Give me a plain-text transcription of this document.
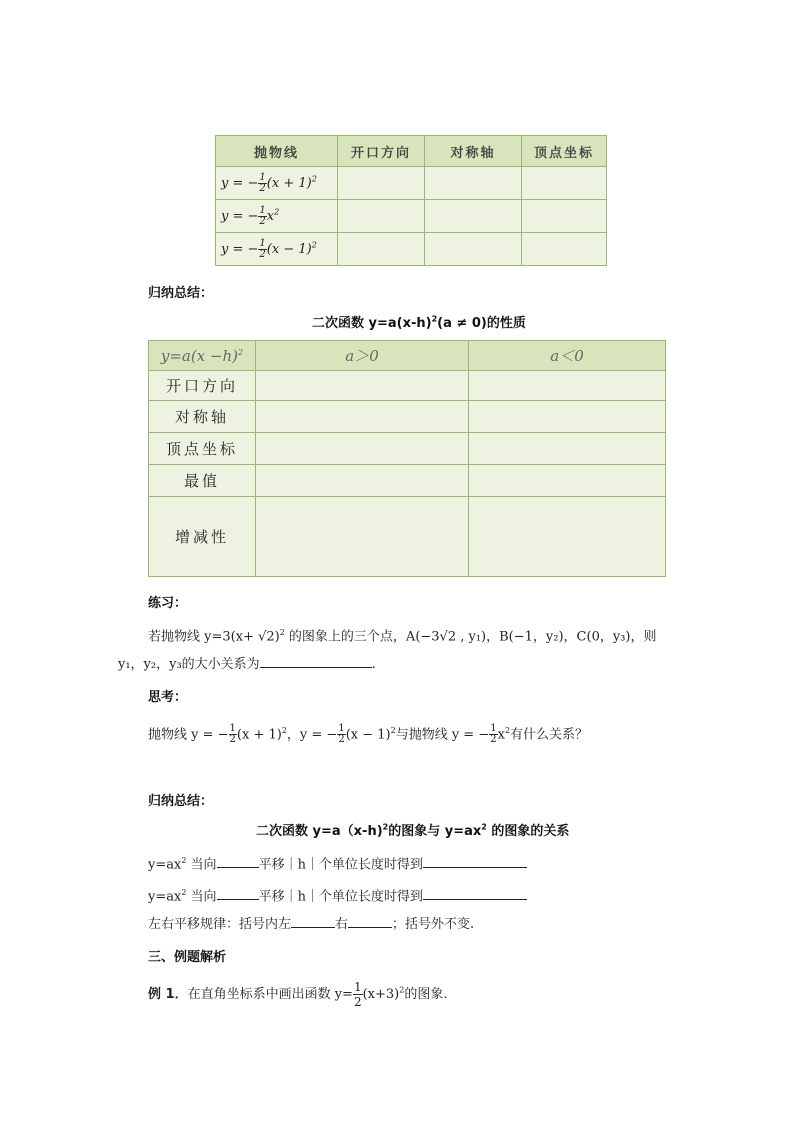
抛物线	开口方向	对称轴	顶点坐标
y = − $\frac{1}{2} (x + 1)^2$			
y = − $\frac{1}{2} x^2$			
y = − $\frac{1}{2} (x - 1)^2$			
归纳总结：
二次函数 $y=a(x-h)^2(a \ne 0)$的性质
$y=a(x -h)^2$	a＞0	a＜0
开口方向		
对称轴		
顶点坐标		
最值		
增减性		
练习：
若抛物线 $y=3(x+ √2)^2$ 的图象上的三个点，A(−3√2 , y₁)，B(−1，y₂)，C(0，y₃)，则
y₁，y₂，y₃的大小关系为	.
思考：
抛物线 y = − $\frac{1}{2} (x + 1)^2$，y = − $\frac{1}{2} (x - 1)^2$与抛物线 y = − $\frac{1}{2} x^2$有什么关系？
归纳总结：
二次函数 y=a（x-h)$^2$的图象与 $y=ax^2$ 的图象的关系
$y=ax^2$ 当向	平移｜h｜个单位长度时得到
$y=ax^2$ 当向	平移｜h｜个单位长度时得到
左右平移规律：括号内左	右	；括号外不变.
三、例题解析
例 1．在直角坐标系中画出函数 $y= \frac{1}{2} (x+3)^2$的图象.
